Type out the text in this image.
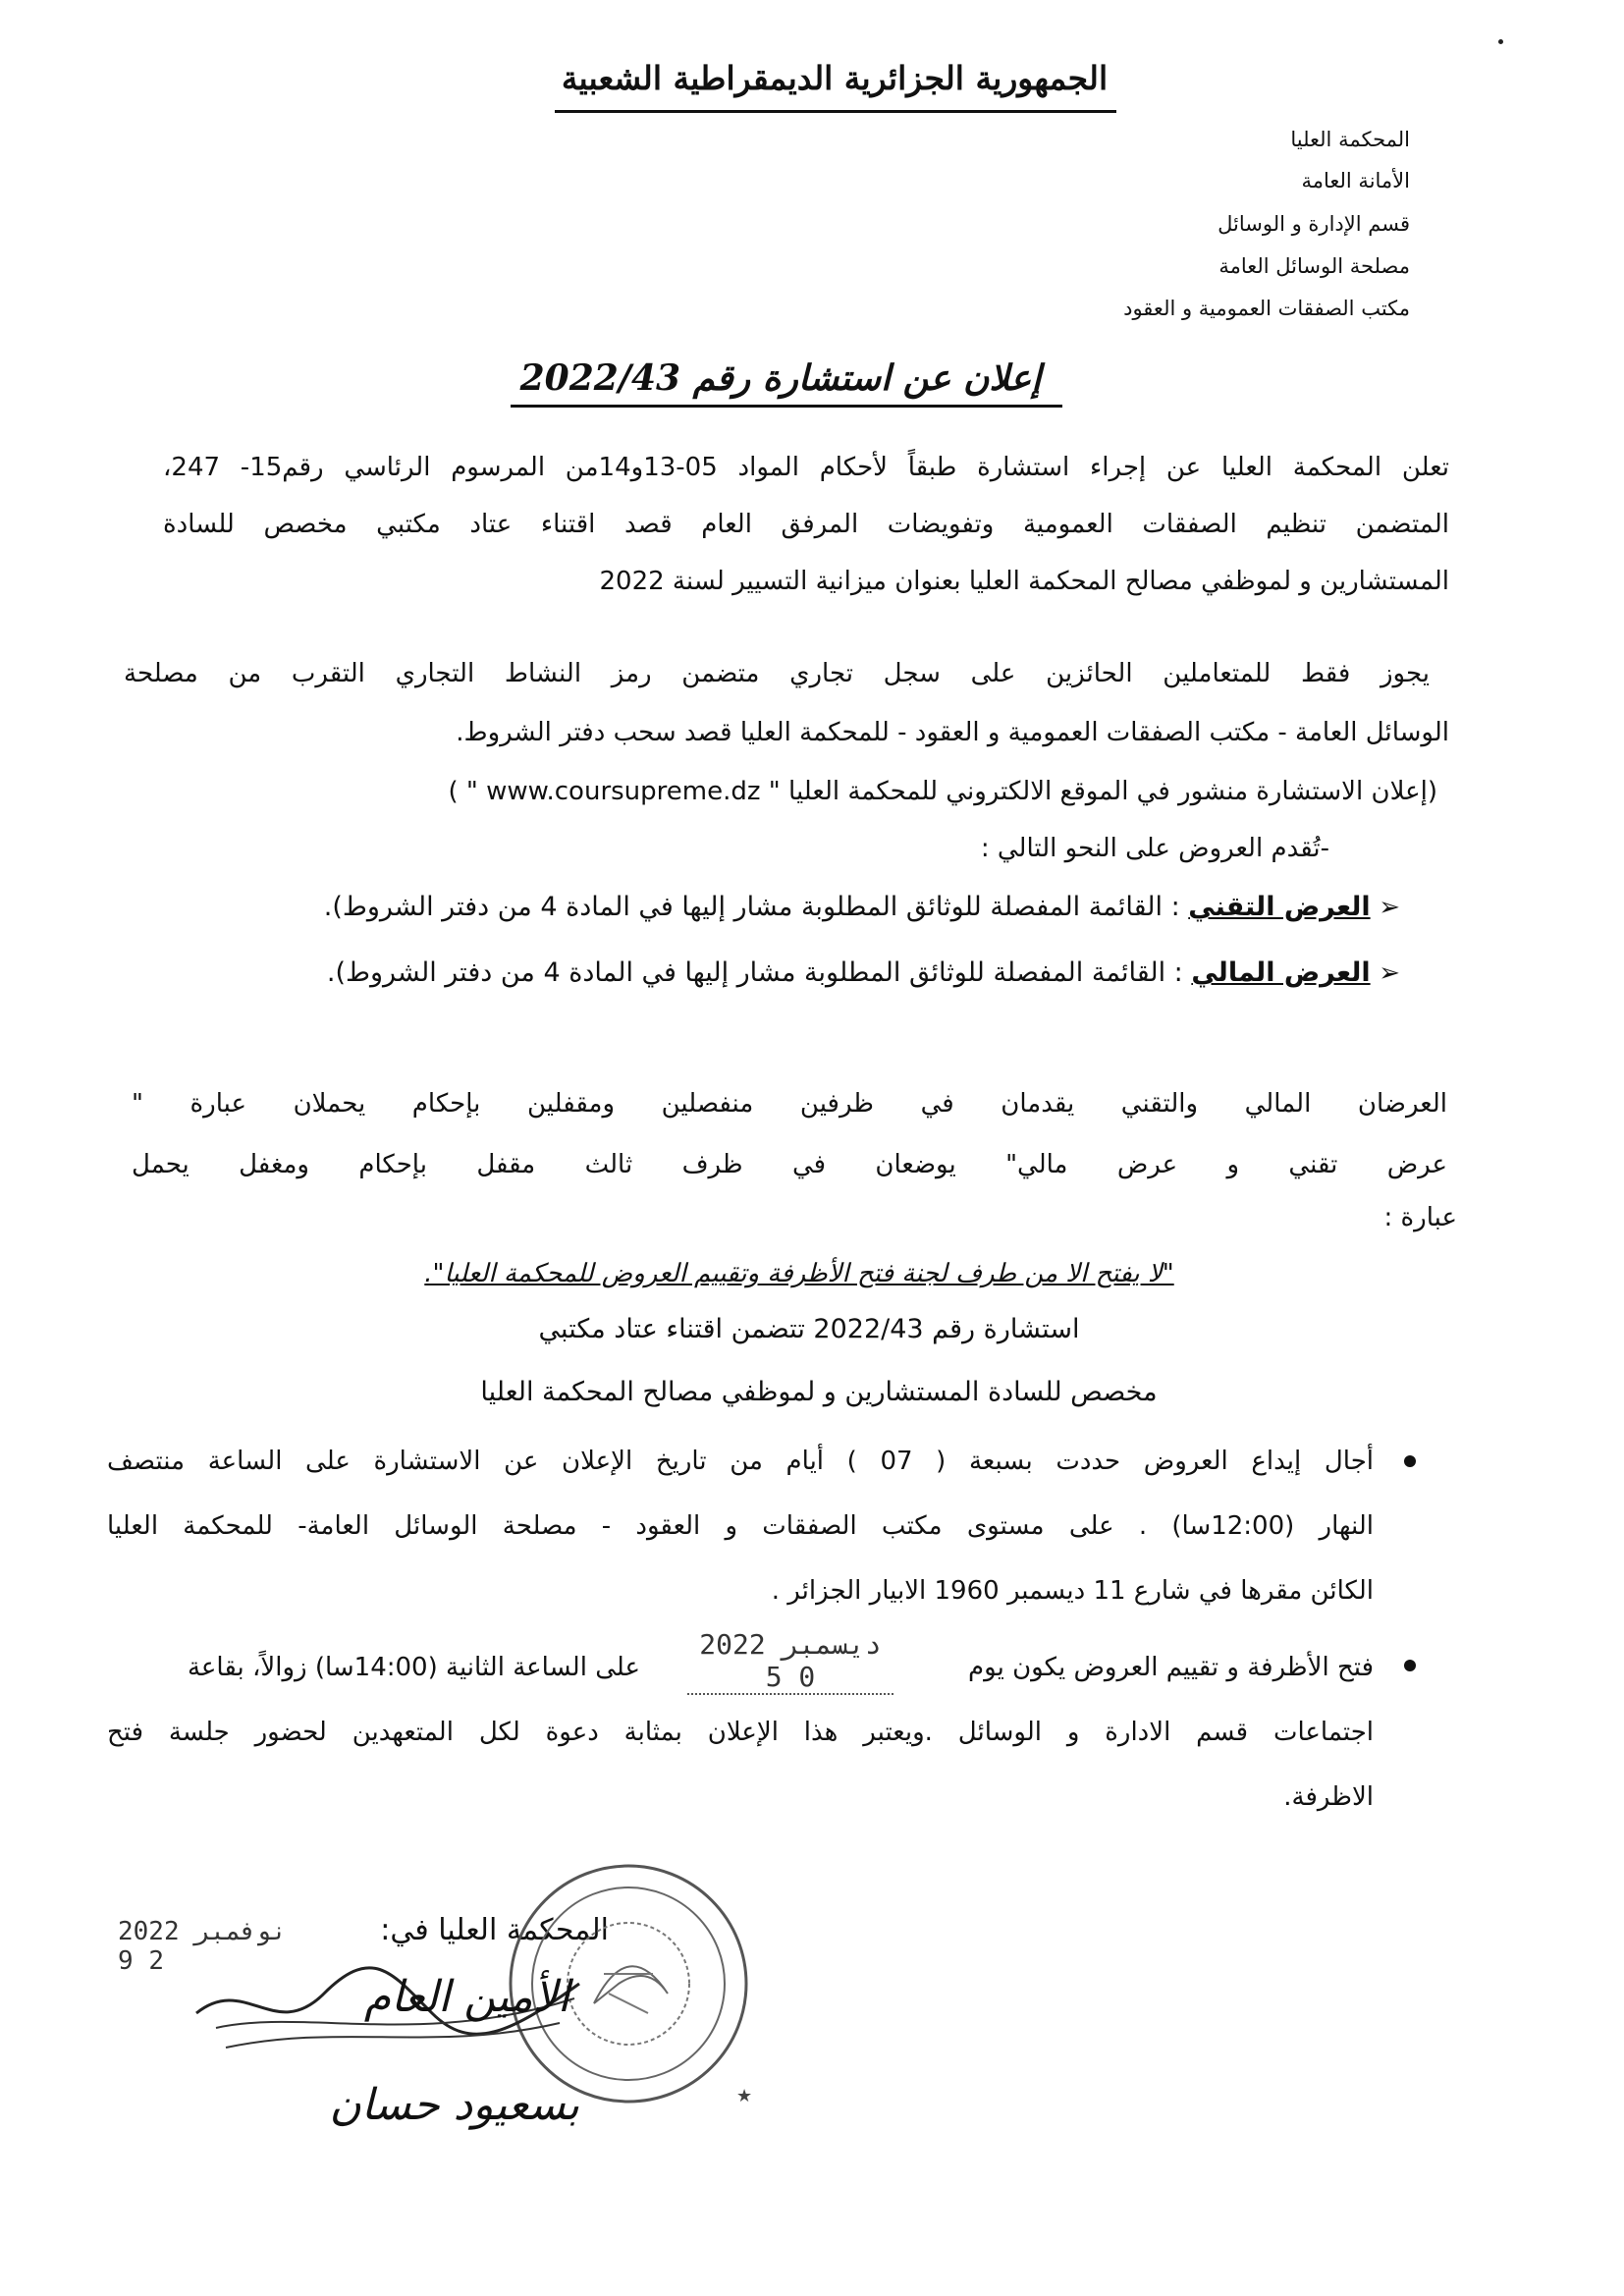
الجمهورية الجزائرية الديمقراطية الشعبية
المحكمة العليا
الأمانة العامة
قسم الإدارة و الوسائل
مصلحة الوسائل العامة
مكتب الصفقات العمومية و العقود
إعلان عن استشارة رقم 2022/43
تعلن المحكمة العليا عن إجراء استشارة طبقاً لأحكام المواد 05-13و14من المرسوم الرئاسي رقم15- 247،
المتضمن تنظيم الصفقات العمومية وتفويضات المرفق العام قصد اقتناء عتاد مكتبي مخصص للسادة
المستشارين و لموظفي مصالح المحكمة العليا بعنوان ميزانية التسيير لسنة 2022
يجوز فقط للمتعاملين الحائزين على سجل تجاري متضمن رمز النشاط التجاري التقرب من مصلحة
الوسائل العامة - مكتب الصفقات العمومية و العقود - للمحكمة العليا قصد سحب دفتر الشروط.
(إعلان الاستشارة منشور في الموقع الالكتروني للمحكمة العليا " www.coursupreme.dz " )
-تُقدم العروض على النحو التالي :
➢ العرض التقني : القائمة المفصلة للوثائق المطلوبة مشار إليها في المادة 4 من دفتر الشروط).
➢ العرض المالي : القائمة المفصلة للوثائق المطلوبة مشار إليها في المادة 4 من دفتر الشروط).
العرضان المالي والتقني يقدمان في ظرفين منفصلين ومقفلين بإحكام يحملان عبارة "
عرض تقني و عرض مالي" يوضعان في ظرف ثالث مقفل بإحكام ومغفل يحمل
عبارة :
"لا يفتح الا من طرف لجنة فتح الأظرفة وتقييم العروض للمحكمة العليا".
استشارة رقم 2022/43 تتضمن اقتناء عتاد مكتبي
مخصص للسادة المستشارين و لموظفي مصالح المحكمة العليا
أجال إيداع العروض حددت بسبعة ( 07 ) أيام من تاريخ الإعلان عن الاستشارة على الساعة منتصف
النهار (12:00سا) . على مستوى مكتب الصفقات و العقود - مصلحة الوسائل العامة- للمحكمة العليا
الكائن مقرها في شارع 11 ديسمبر 1960 الابيار الجزائر .
فتح الأظرفة و تقييم العروض يكون يوم
2022 دیسمبر 0 5
على الساعة الثانية (14:00سا) زوالاً، بقاعة
اجتماعات قسم الادارة و الوسائل .ويعتبر هذا الإعلان بمثابة دعوة لكل المتعهدين لحضور جلسة فتح
الاظرفة.
المحكمة العليا في:
2022 نوفمبر 2 9
★
الأمين العام
بسعيود حسان
